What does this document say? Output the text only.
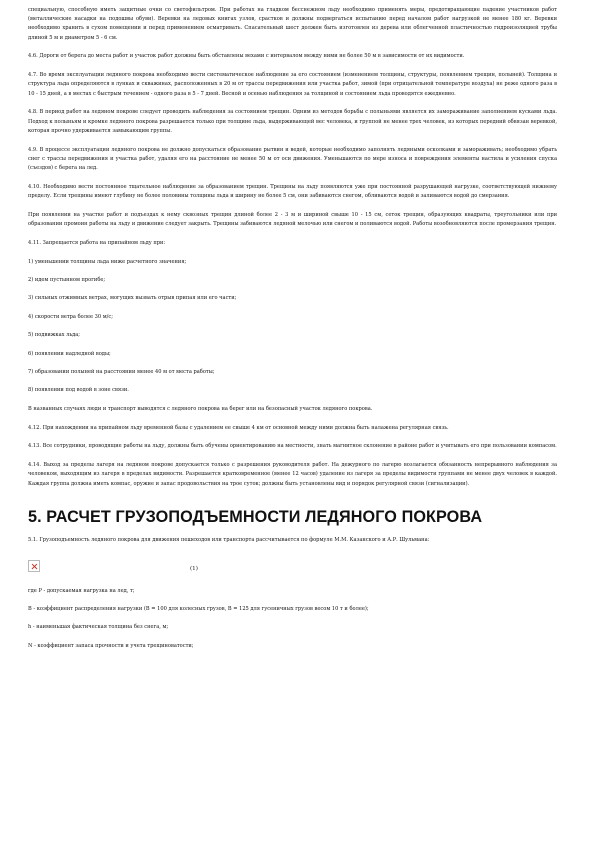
специальную, способную иметь защитные очки со светофильтром. При работах на гладком бесснежном льду необходимо применять меры, предотвращающие падение участников работ (металлические насадки на подошвы обуви). Веревки на ледовых книгах узлов, срастков и должны подвергаться испытанию перед началом работ нагрузкой не менее 180 кг. Веревки необходимо хранить в сухом помещении и перед применением осматривать. Спасательный шест должен быть изготовлен из дерева или облегченной пластичностью гидроизоляцией трубы длиной 5 м и диаметром 5 - 6 см.

4.6. Дороги от берега до места работ и участок работ должны быть обставлены вехами с интервалом между ними не более 50 м в зависимости от их видимости.

4.7. Во время эксплуатации ледяного покрова необходимо вести систематическое наблюдение за его состоянием (изменением толщины, структуры, появлением трещин, полыней). Толщина и структура льда определяются в лунках и скважинах, расположенных в 20 м от трассы передвижения или участка работ, зимой (при отрицательной температуре воздуха) не реже одного раза в 10 - 15 дней, а в местах с быстрым течением - одного раза в 5 - 7 дней. Весной и осенью наблюдения за толщиной и состоянием льда проводятся ежедневно.

4.8. В период работ на ледяном покрове следует проводить наблюдения за состоянием трещин. Одним из методов борьбы с полыньями является их замораживание заполнением кусками льда. Подход к полыньям и кромке ледяного покрова разрешается только при толщине льда, выдерживающей вес человека, и группой не менее трех человек, из которых передний обвязан веревкой, которая прочно удерживается замыкающим группы.

4.9. В процессе эксплуатации ледяного покрова не должно допускаться образование рытвин и ведей, которые необходимо заполнять ледяными осколками и замораживать; необходимо убрать снег с трассы передвижения и участка работ, удаляя его на расстояние не менее 50 м от оси движения. Уменьшаются по мере износа и повреждения элементы настила и усиления спуска (съездов) с берега на лед.

4.10. Необходимо вести постоянное тщательное наблюдение за образованием трещин. Трещины на льду появляются уже при постоянной разрушающей нагрузке, соответствующей нижнему пределу. Если трещины имеют глубину не более половины толщины льда и ширину не более 5 см, они забиваются снегом, обливаются водой и заливаются водой до смерзания.

При появлении на участке работ и подъездах к нему сквозных трещин длиной более 2 - 3 м и шириной свыше 10 - 15 см, сеток трещин, образующих квадраты, треугольники или при образовании промоин работы на льду и движение следует закрыть. Трещины забиваются ледяной мелочью или снегом и поливаются водой. Работы возобновляются после промерзания трещин.

4.11. Запрещается работа на припайном льду при:

1) уменьшении толщины льда ниже расчетного значения;

2) идем пустынном прогибе;

3) сильных отжимных ветрах, могущих вызвать отрыв припая или его части;

4) скорости ветра более 30 м/с;

5) подвижках льда;

6) появлении надледной воды;

7) образовании полыней на расстоянии менее 40 м от места работы;

8) появлении под водой в зоне связи.

В названных случаях люди и транспорт выводятся с ледяного покрова на берег или на безопасный участок ледяного покрова.

4.12. При нахождении на припайном льду временной базы с удалением ее свыше 4 км от основной между ними должна быть налажена регулярная связь.

4.13. Все сотрудники, проводящие работы на льду, должны быть обучены ориентированию на местности, знать магнитное склонение в районе работ и учитывать его при пользовании компасом.

4.14. Выход за пределы лагеря на ледяном покрове допускается только с разрешения руководителя работ. На дежурного по лагерю возлагается обязанность непрерывного наблюдения за человеком, выходящим из лагеря в пределах видимости. Разрешается кратковременное (менее 12 часов) удаление из лагеря за пределы видимости группами не менее двух человек в каждой. Каждая группа должна иметь компас, оружие и запас продовольствия на трое суток; должны быть установлены вид и порядок регулярной связи (сигнализации).

5. РАСЧЕТ ГРУЗОПОДЪЕМНОСТИ ЛЕДЯНОГО ПОКРОВА

5.1. Грузоподъемность ледяного покрова для движения пешеходов или транспорта рассчитывается по формуле М.М. Казанского и А.Р. Шульмана:

(1)

где Р - допускаемая нагрузка на лед, т;

B - коэффициент распределения нагрузки (B = 100 для колесных грузов, B = 125 для гусеничных грузов весом 10 т и более);

h - наименьшая фактическая толщина без снега, м;

N - коэффициент запаса прочности и учета трещиноватости;
